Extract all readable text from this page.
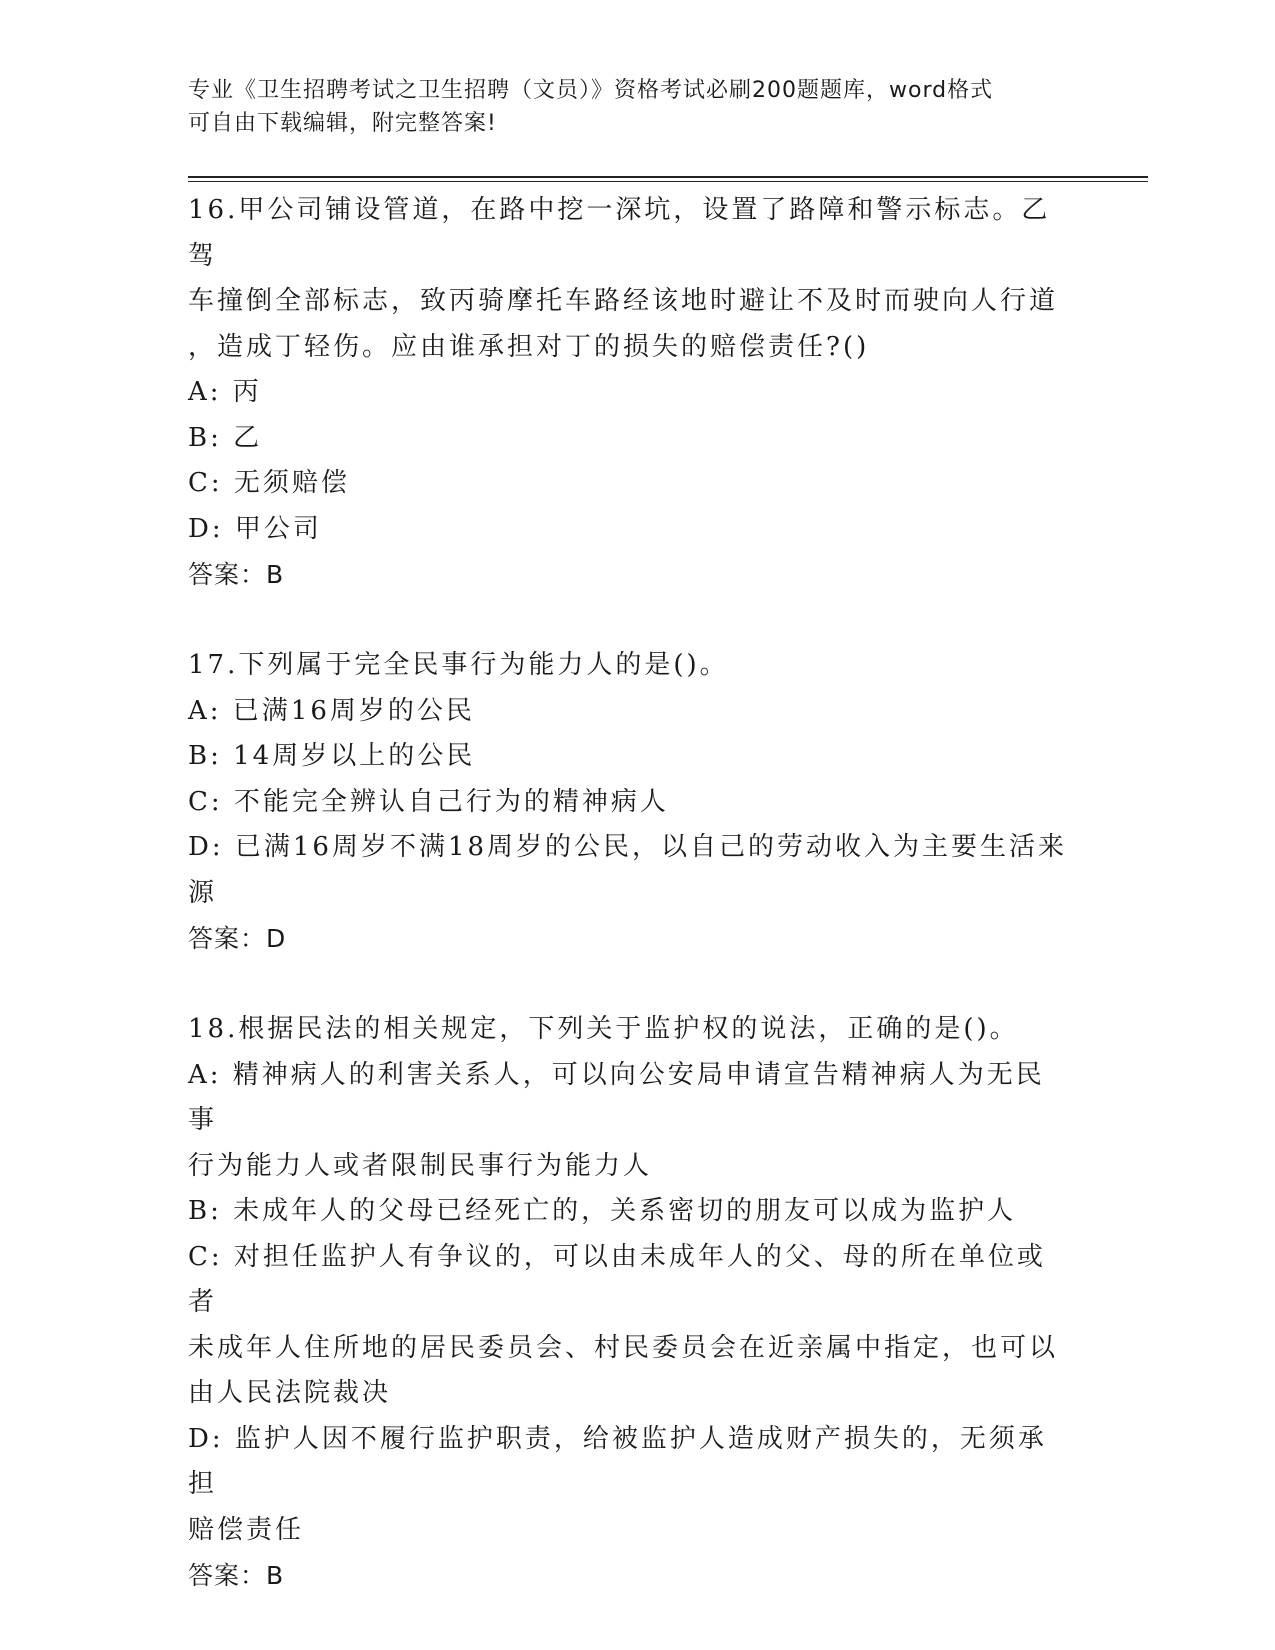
专业《卫生招聘考试之卫生招聘（文员）》资格考试必刷200题题库，word格式
可自由下载编辑，附完整答案!
16.甲公司铺设管道，在路中挖一深坑，设置了路障和警示标志。乙驾
车撞倒全部标志，致丙骑摩托车路经该地时避让不及时而驶向人行道
，造成丁轻伤。应由谁承担对丁的损失的赔偿责任?()
A: 丙
B: 乙
C: 无须赔偿
D: 甲公司
答案：B
17.下列属于完全民事行为能力人的是()。
A: 已满16周岁的公民
B: 14周岁以上的公民
C: 不能完全辨认自己行为的精神病人
D: 已满16周岁不满18周岁的公民，以自己的劳动收入为主要生活来
源
答案：D
18.根据民法的相关规定，下列关于监护权的说法，正确的是()。
A: 精神病人的利害关系人，可以向公安局申请宣告精神病人为无民事
行为能力人或者限制民事行为能力人
B: 未成年人的父母已经死亡的，关系密切的朋友可以成为监护人
C: 对担任监护人有争议的，可以由未成年人的父、母的所在单位或者
未成年人住所地的居民委员会、村民委员会在近亲属中指定，也可以
由人民法院裁决
D: 监护人因不履行监护职责，给被监护人造成财产损失的，无须承担
赔偿责任
答案：B
